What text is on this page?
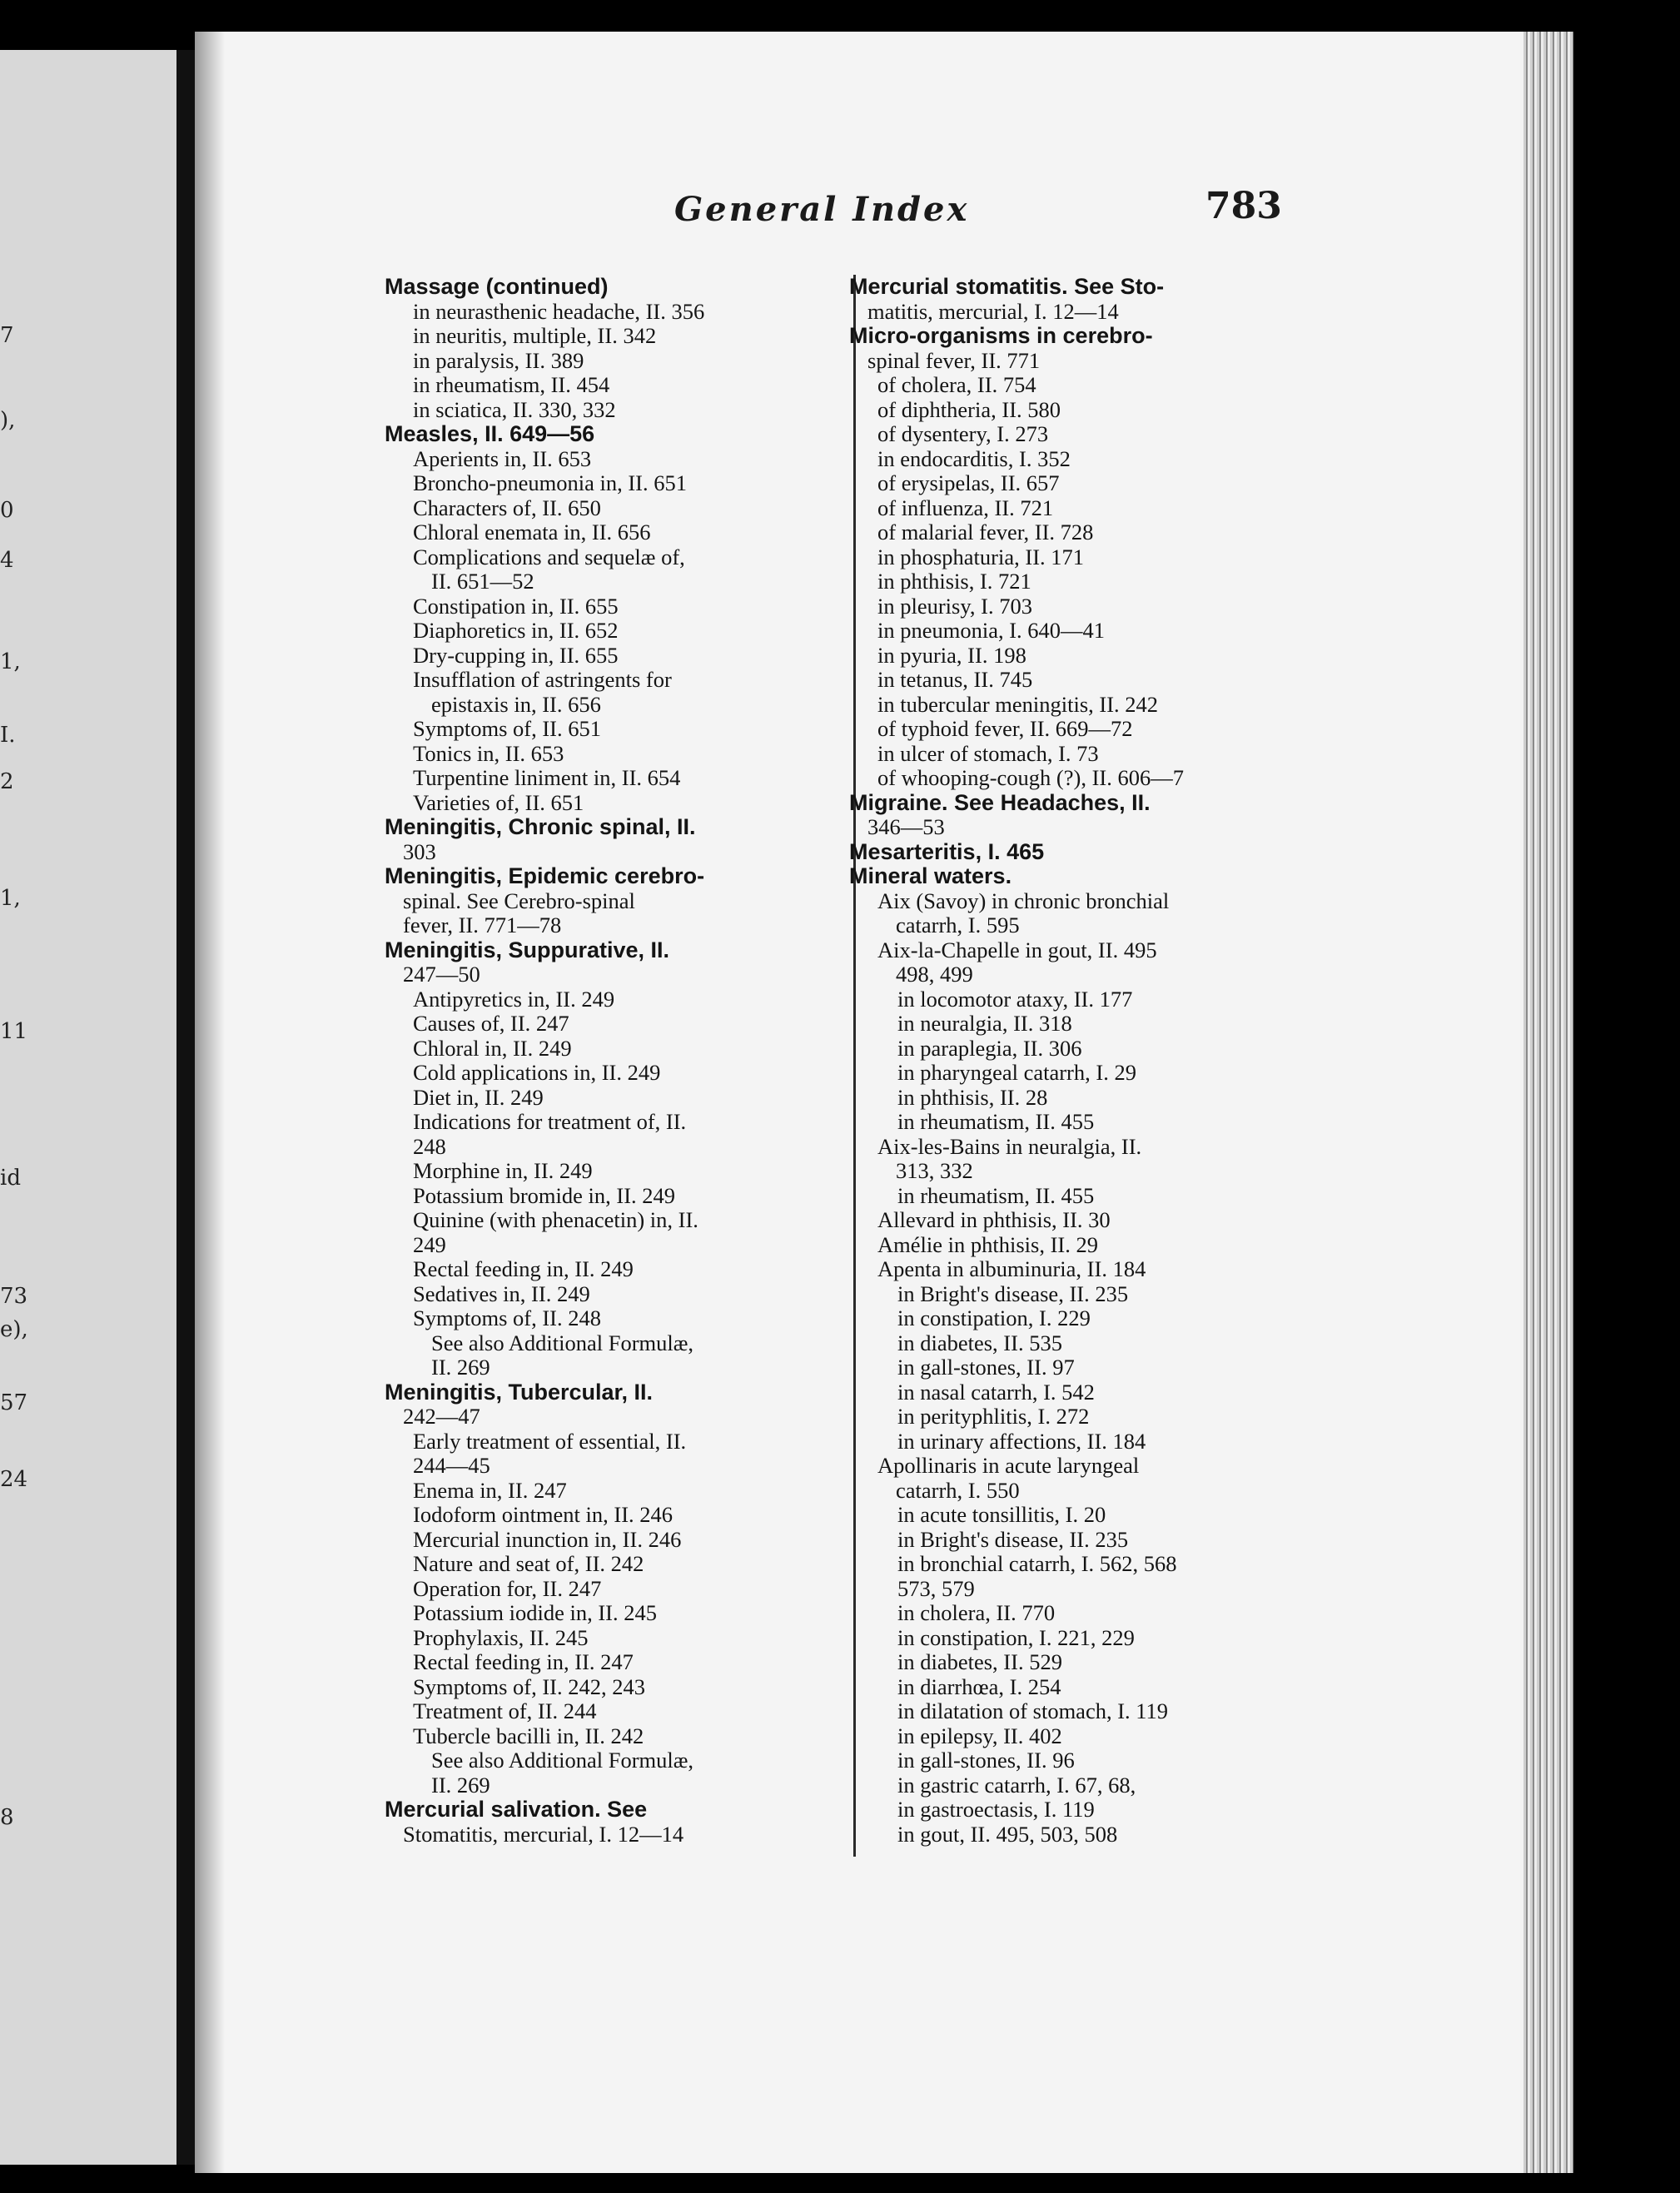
7
),
0
4
1,
I.
2
1,
11
id
73
e),
57
24
8
General Index	783
Massage (continued)
in neurasthenic headache, II. 356
in neuritis, multiple, II. 342
in paralysis, II. 389
in rheumatism, II. 454
in sciatica, II. 330, 332
Measles, II. 649—56
Aperients in, II. 653
Broncho-pneumonia in, II. 651
Characters of, II. 650
Chloral enemata in, II. 656
Complications and sequelæ of,
II. 651—52
Constipation in, II. 655
Diaphoretics in, II. 652
Dry-cupping in, II. 655
Insufflation of astringents for
epistaxis in, II. 656
Symptoms of, II. 651
Tonics in, II. 653
Turpentine liniment in, II. 654
Varieties of, II. 651
Meningitis, Chronic spinal, II.
303
Meningitis, Epidemic cerebro-
spinal. See Cerebro-spinal
fever, II. 771—78
Meningitis, Suppurative, II.
247—50
Antipyretics in, II. 249
Causes of, II. 247
Chloral in, II. 249
Cold applications in, II. 249
Diet in, II. 249
Indications for treatment of, II.
248
Morphine in, II. 249
Potassium bromide in, II. 249
Quinine (with phenacetin) in, II.
249
Rectal feeding in, II. 249
Sedatives in, II. 249
Symptoms of, II. 248
See also Additional Formulæ,
II. 269
Meningitis, Tubercular, II.
242—47
Early treatment of essential, II.
244—45
Enema in, II. 247
Iodoform ointment in, II. 246
Mercurial inunction in, II. 246
Nature and seat of, II. 242
Operation for, II. 247
Potassium iodide in, II. 245
Prophylaxis, II. 245
Rectal feeding in, II. 247
Symptoms of, II. 242, 243
Treatment of, II. 244
Tubercle bacilli in, II. 242
See also Additional Formulæ,
II. 269
Mercurial salivation. See
Stomatitis, mercurial, I. 12—14
Mercurial stomatitis. See Sto-
matitis, mercurial, I. 12—14
Micro-organisms in cerebro-
spinal fever, II. 771
of cholera, II. 754
of diphtheria, II. 580
of dysentery, I. 273
in endocarditis, I. 352
of erysipelas, II. 657
of influenza, II. 721
of malarial fever, II. 728
in phosphaturia, II. 171
in phthisis, I. 721
in pleurisy, I. 703
in pneumonia, I. 640—41
in pyuria, II. 198
in tetanus, II. 745
in tubercular meningitis, II. 242
of typhoid fever, II. 669—72
in ulcer of stomach, I. 73
of whooping-cough (?), II. 606—7
Migraine. See Headaches, II.
346—53
Mesarteritis, I. 465
Mineral waters.
Aix (Savoy) in chronic bronchial
catarrh, I. 595
Aix-la-Chapelle in gout, II. 495
498, 499
in locomotor ataxy, II. 177
in neuralgia, II. 318
in paraplegia, II. 306
in pharyngeal catarrh, I. 29
in phthisis, II. 28
in rheumatism, II. 455
Aix-les-Bains in neuralgia, II.
313, 332
in rheumatism, II. 455
Allevard in phthisis, II. 30
Amélie in phthisis, II. 29
Apenta in albuminuria, II. 184
in Bright's disease, II. 235
in constipation, I. 229
in diabetes, II. 535
in gall-stones, II. 97
in nasal catarrh, I. 542
in perityphlitis, I. 272
in urinary affections, II. 184
Apollinaris in acute laryngeal
catarrh, I. 550
in acute tonsillitis, I. 20
in Bright's disease, II. 235
in bronchial catarrh, I. 562, 568
573, 579
in cholera, II. 770
in constipation, I. 221, 229
in diabetes, II. 529
in diarrhœa, I. 254
in dilatation of stomach, I. 119
in epilepsy, II. 402
in gall-stones, II. 96
in gastric catarrh, I. 67, 68,
in gastroectasis, I. 119
in gout, II. 495, 503, 508
